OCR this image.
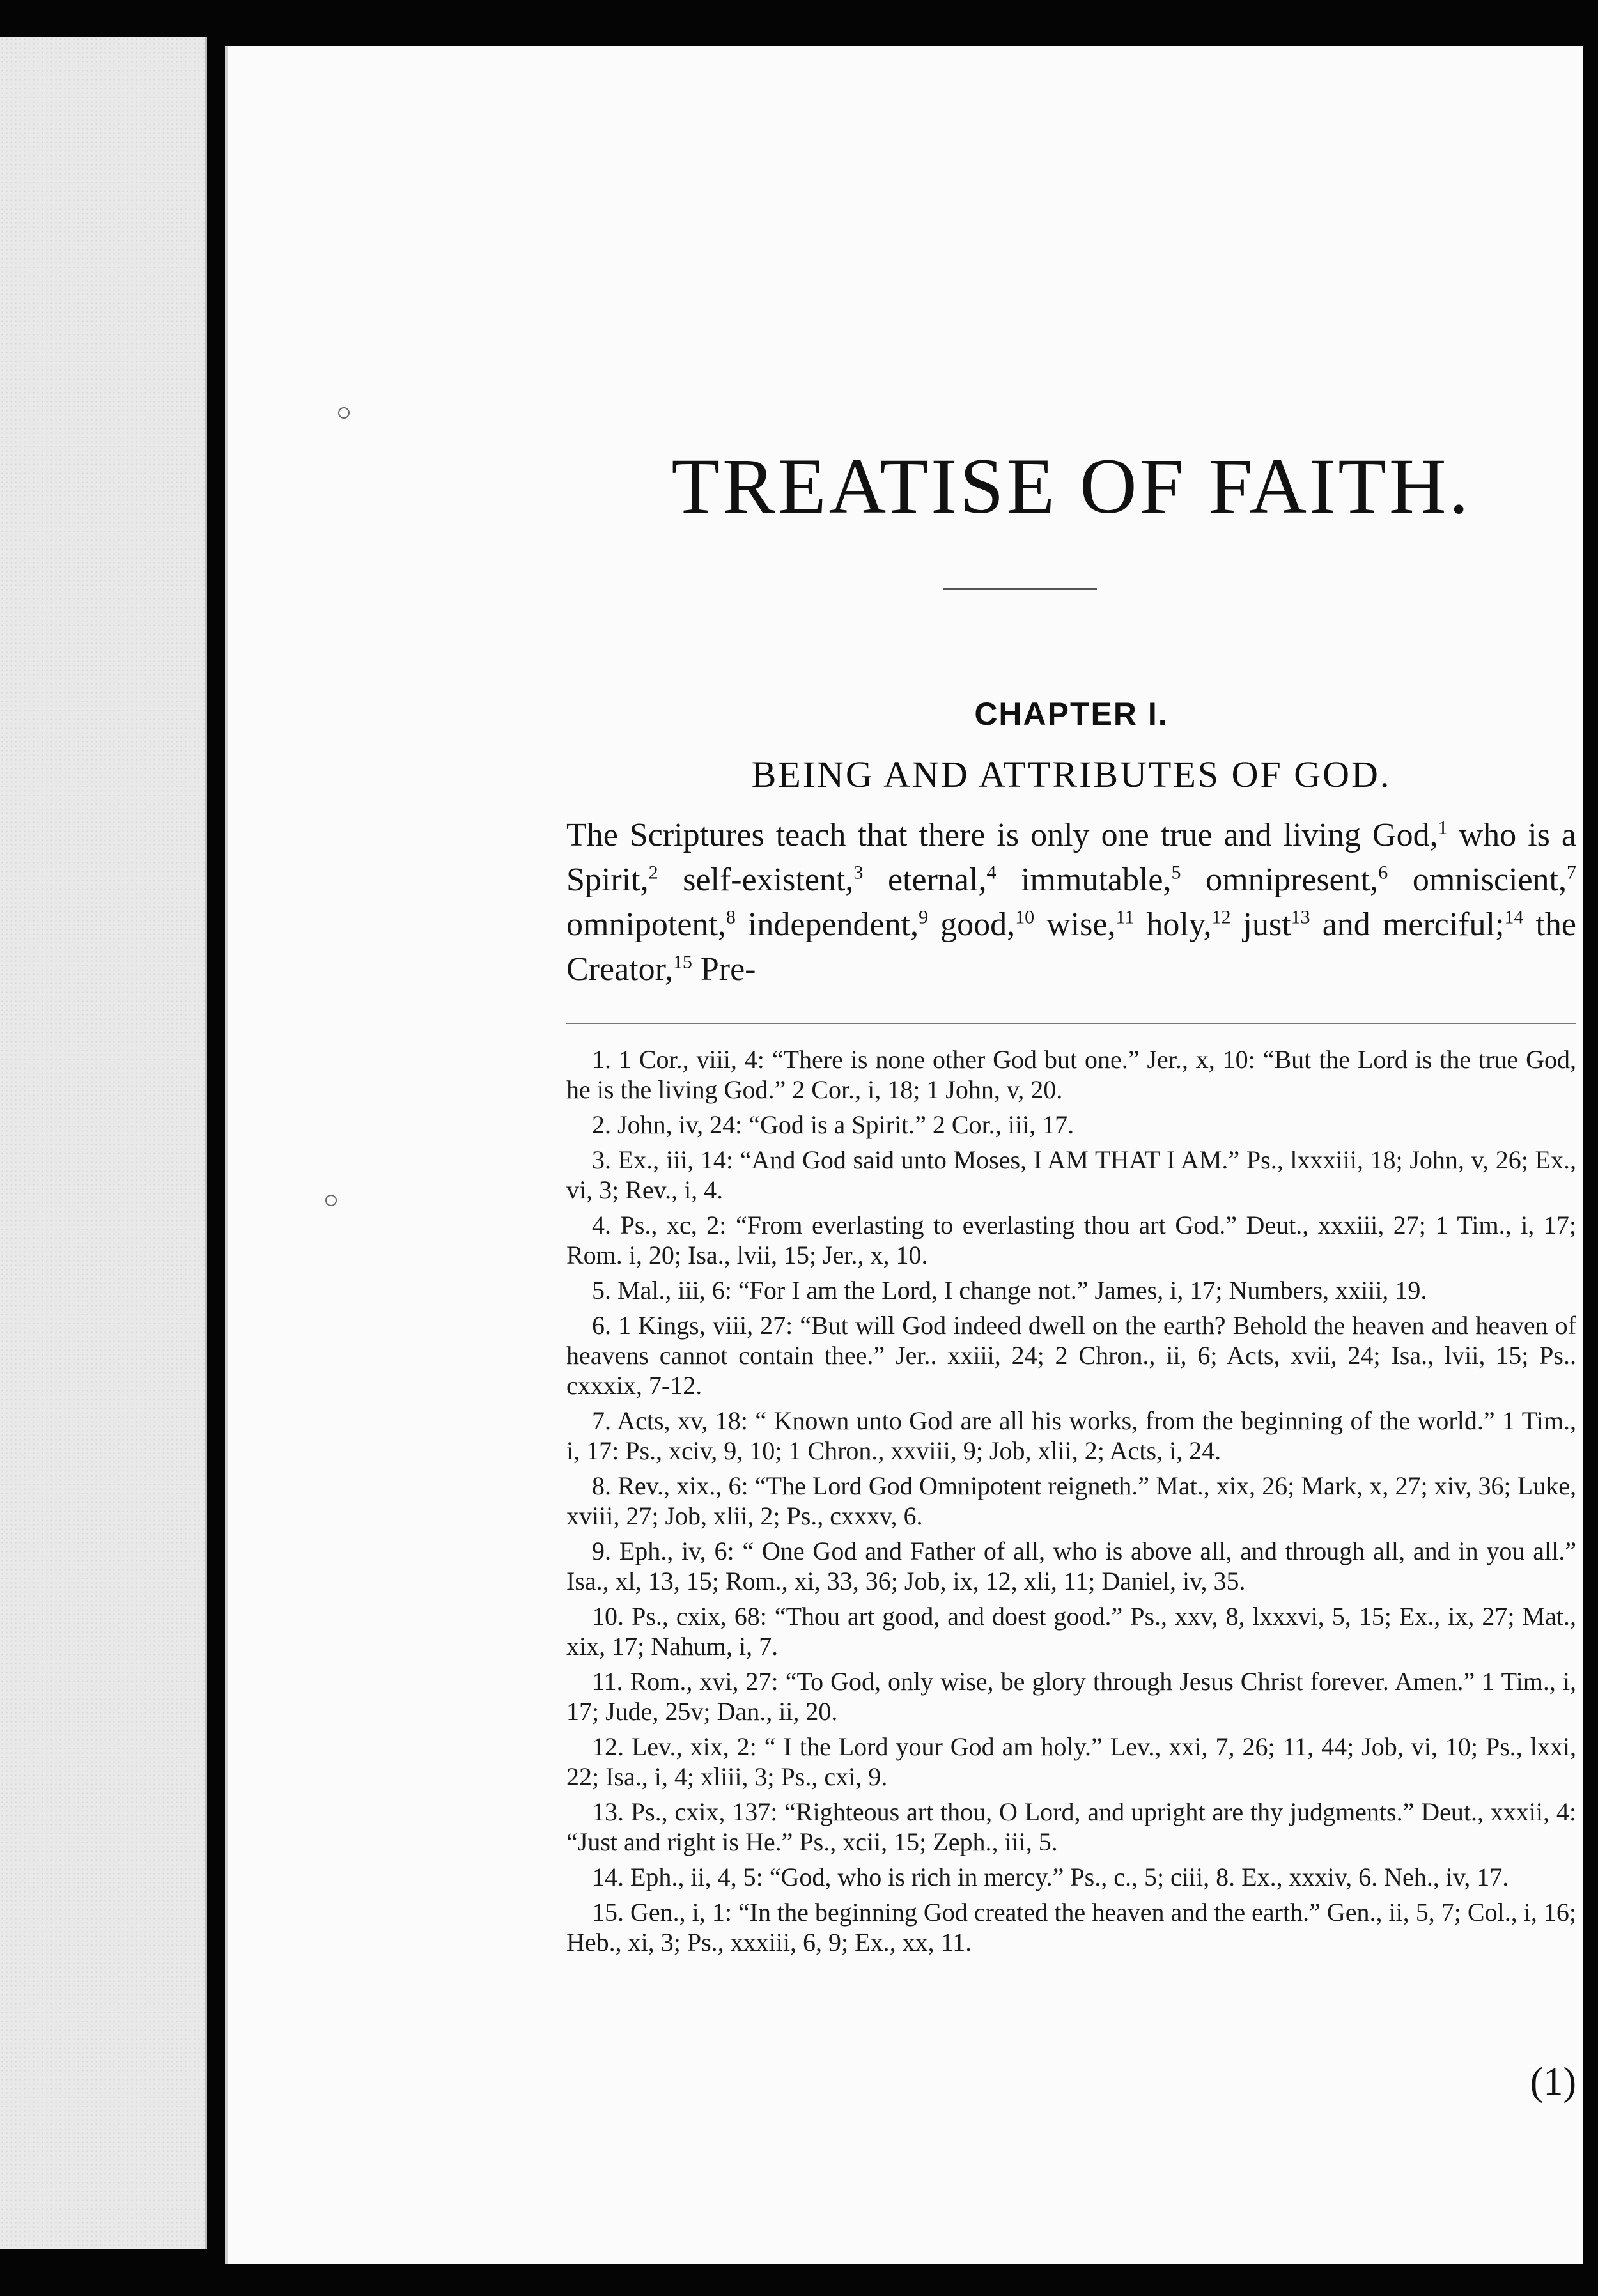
TREATISE OF FAITH.
CHAPTER I.
BEING AND ATTRIBUTES OF GOD.
The Scriptures teach that there is only one true and living God,$^1$ who is a Spirit,$^2$ self-existent,$^3$ eternal,$^4$ immutable,$^5$ omnipresent,$^6$ omniscient,$^7$ omnipotent,$^8$ independent,$^9$ good,$^{10}$ wise,$^{11}$ holy,$^{12}$ just$^{13}$ and merciful;$^{14}$ the Creator,$^{15}$ Pre-

1. 1 Cor., viii, 4: “There is none other God but one.” Jer., x, 10: “But the Lord is the true God, he is the living God.” 2 Cor., i, 18; 1 John, v, 20.

2. John, iv, 24: “God is a Spirit.” 2 Cor., iii, 17.

3. Ex., iii, 14: “And God said unto Moses, I AM THAT I AM.” Ps., lxxxiii, 18; John, v, 26; Ex., vi, 3; Rev., i, 4.

4. Ps., xc, 2: “From everlasting to everlasting thou art God.” Deut., xxxiii, 27; 1 Tim., i, 17; Rom. i, 20; Isa., lvii, 15; Jer., x, 10.

5. Mal., iii, 6: “For I am the Lord, I change not.” James, i, 17; Numbers, xxiii, 19.

6. 1 Kings, viii, 27: “But will God indeed dwell on the earth? Behold the heaven and heaven of heavens cannot contain thee.” Jer.. xxiii, 24; 2 Chron., ii, 6; Acts, xvii, 24; Isa., lvii, 15; Ps.. cxxxix, 7-12.

7. Acts, xv, 18: “ Known unto God are all his works, from the beginning of the world.” 1 Tim., i, 17: Ps., xciv, 9, 10; 1 Chron., xxviii, 9; Job, xlii, 2; Acts, i, 24.

8. Rev., xix., 6: “The Lord God Omnipotent reigneth.” Mat., xix, 26; Mark, x, 27; xiv, 36; Luke, xviii, 27; Job, xlii, 2; Ps., cxxxv, 6.

9. Eph., iv, 6: “ One God and Father of all, who is above all, and through all, and in you all.” Isa., xl, 13, 15; Rom., xi, 33, 36; Job, ix, 12, xli, 11; Daniel, iv, 35.

10. Ps., cxix, 68: “Thou art good, and doest good.” Ps., xxv, 8, lxxxvi, 5, 15; Ex., ix, 27; Mat., xix, 17; Nahum, i, 7.

11. Rom., xvi, 27: “To God, only wise, be glory through Jesus Christ forever. Amen.” 1 Tim., i, 17; Jude, 25v; Dan., ii, 20.

12. Lev., xix, 2: “ I the Lord your God am holy.” Lev., xxi, 7, 26; 11, 44; Job, vi, 10; Ps., lxxi, 22; Isa., i, 4; xliii, 3; Ps., cxi, 9.

13. Ps., cxix, 137: “Righteous art thou, O Lord, and upright are thy judgments.” Deut., xxxii, 4: “Just and right is He.” Ps., xcii, 15; Zeph., iii, 5.

14. Eph., ii, 4, 5: “God, who is rich in mercy.” Ps., c., 5; ciii, 8. Ex., xxxiv, 6. Neh., iv, 17.

15. Gen., i, 1: “In the beginning God created the heaven and the earth.” Gen., ii, 5, 7; Col., i, 16; Heb., xi, 3; Ps., xxxiii, 6, 9; Ex., xx, 11.

(1)
